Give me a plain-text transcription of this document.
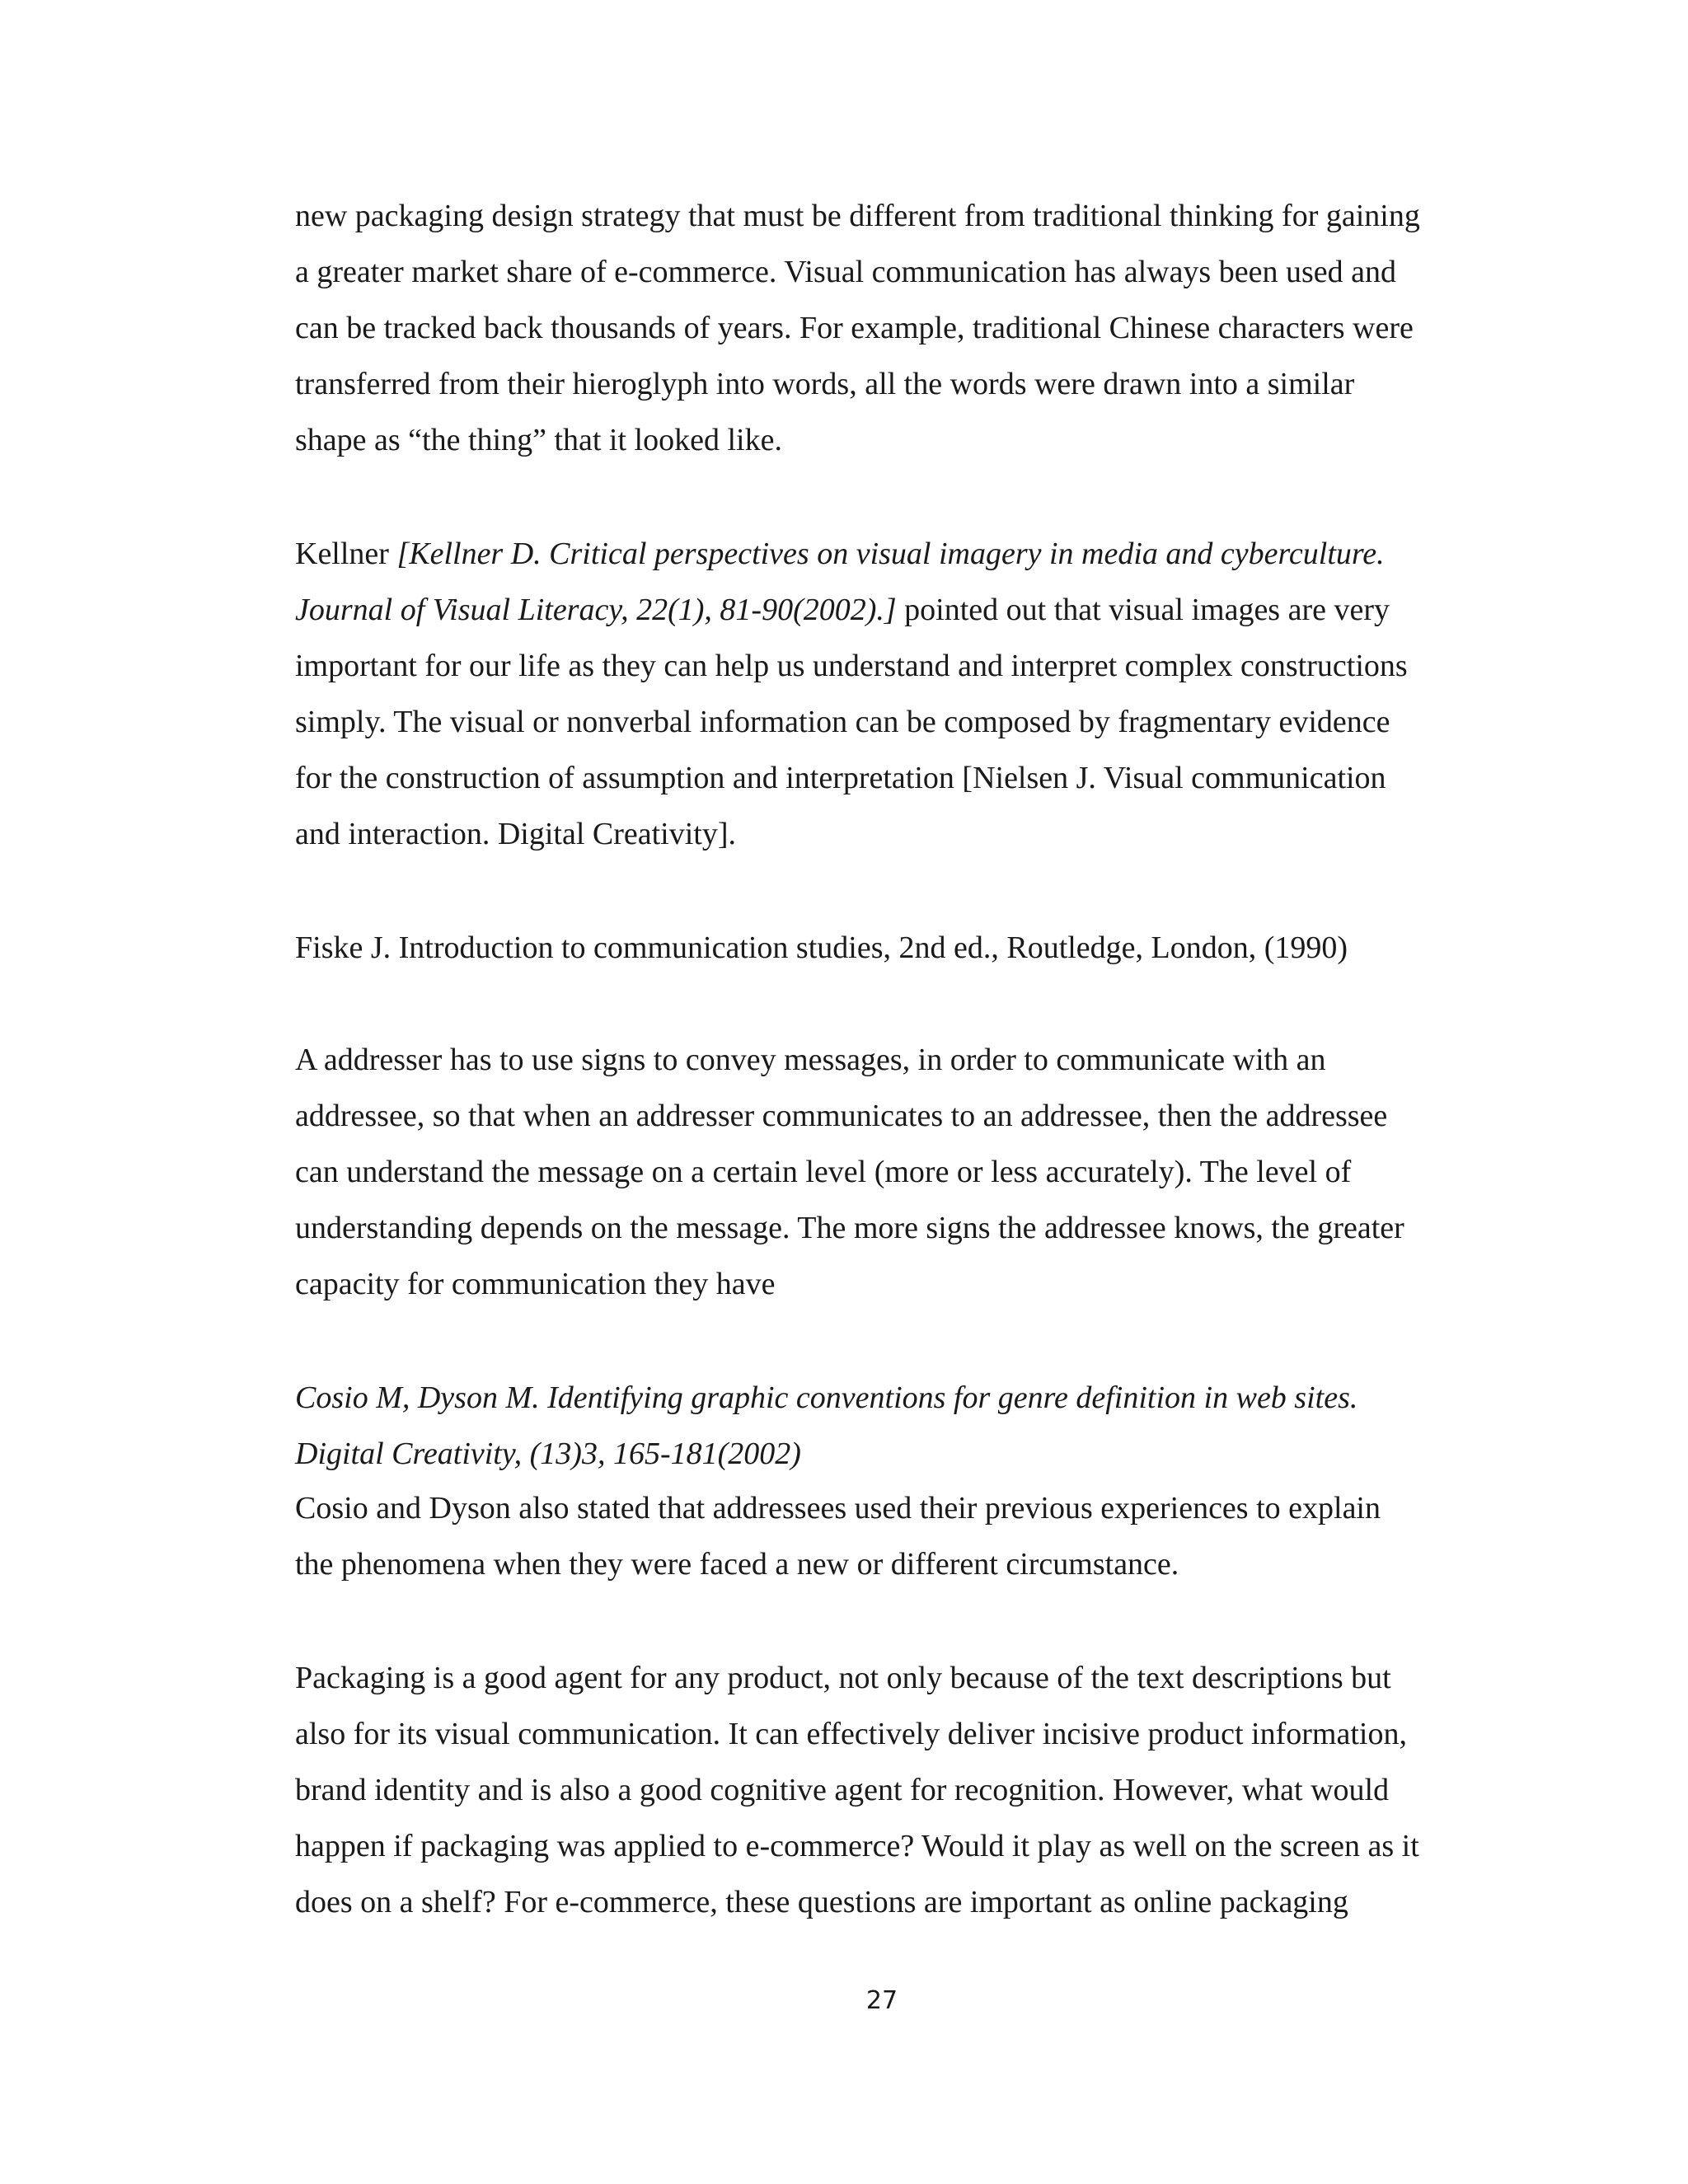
new packaging design strategy that must be different from traditional thinking for gaining
a greater market share of e-commerce. Visual communication has always been used and
can be tracked back thousands of years. For example, traditional Chinese characters were
transferred from their hieroglyph into words, all the words were drawn into a similar
shape as “the thing” that it looked like.
Kellner [Kellner D. Critical perspectives on visual imagery in media and cyberculture.
Journal of Visual Literacy, 22(1), 81-90(2002).] pointed out that visual images are very
important for our life as they can help us understand and interpret complex constructions
simply. The visual or nonverbal information can be composed by fragmentary evidence
for the construction of assumption and interpretation [Nielsen J. Visual communication
and interaction. Digital Creativity].
Fiske J. Introduction to communication studies, 2nd ed., Routledge, London, (1990)
A addresser has to use signs to convey messages, in order to communicate with an
addressee, so that when an addresser communicates to an addressee, then the addressee
can understand the message on a certain level (more or less accurately). The level of
understanding depends on the message. The more signs the addressee knows, the greater
capacity for communication they have
Cosio M, Dyson M. Identifying graphic conventions for genre definition in web sites.
Digital Creativity, (13)3, 165-181(2002)
Cosio and Dyson also stated that addressees used their previous experiences to explain
the phenomena when they were faced a new or different circumstance.
Packaging is a good agent for any product, not only because of the text descriptions but
also for its visual communication. It can effectively deliver incisive product information,
brand identity and is also a good cognitive agent for recognition. However, what would
happen if packaging was applied to e-commerce? Would it play as well on the screen as it
does on a shelf? For e-commerce, these questions are important as online packaging
27
